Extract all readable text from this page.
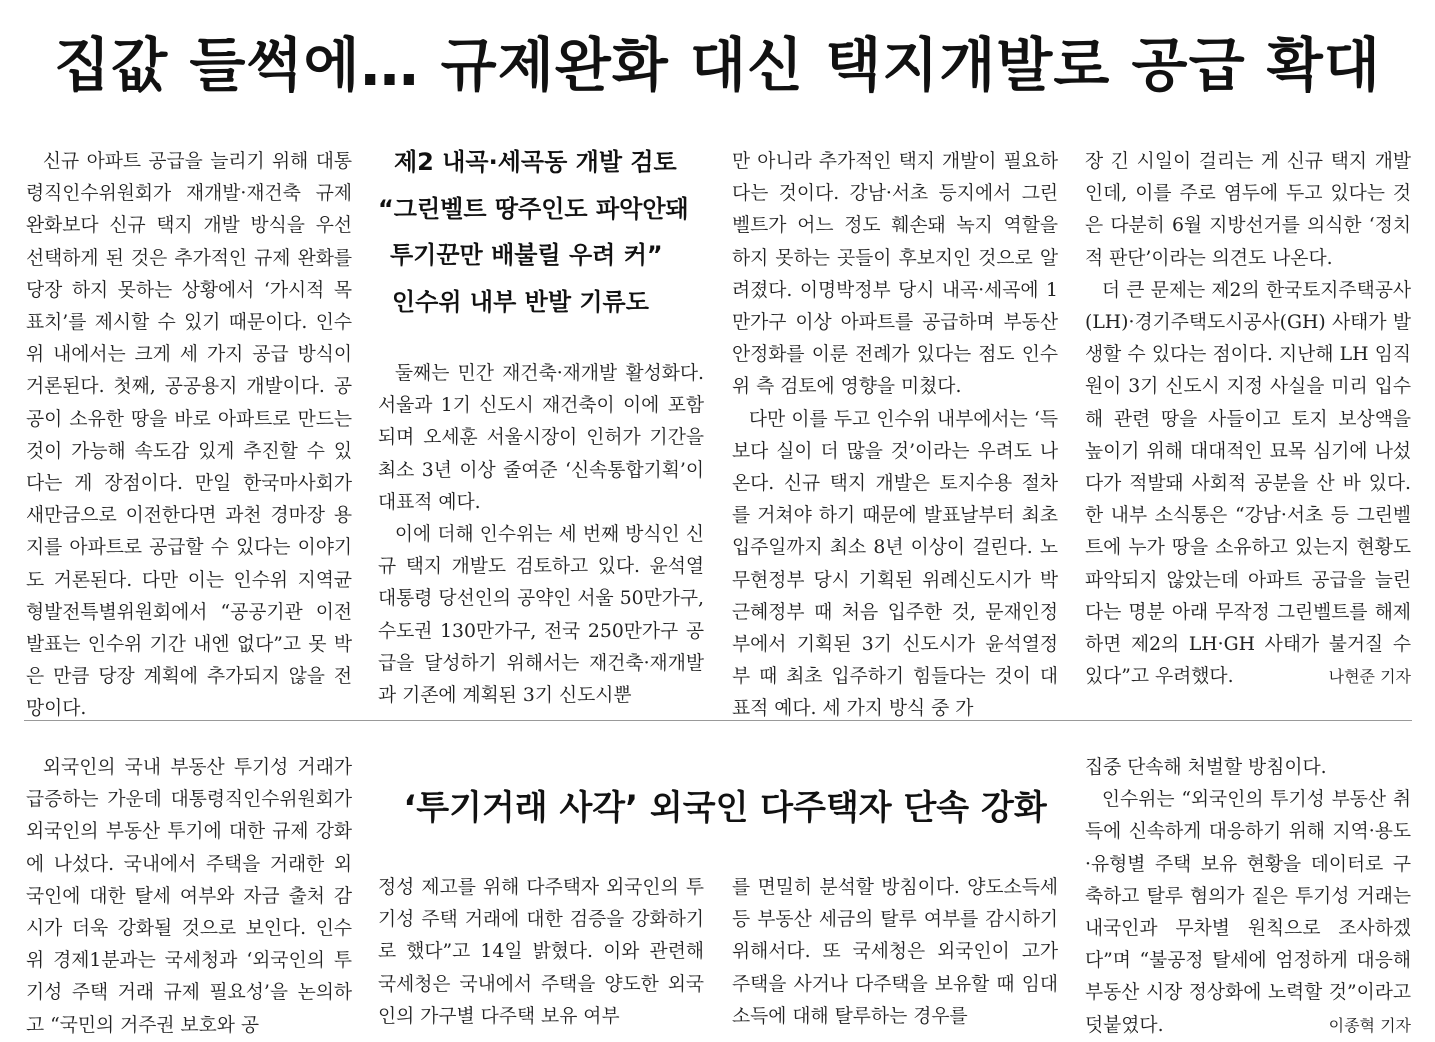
집값 들썩에… 규제완화 대신 택지개발로 공급 확대

신규 아파트 공급을 늘리기 위해 대통령직인수위원회가 재개발·재건축 규제 완화보다 신규 택지 개발 방식을 우선 선택하게 된 것은 추가적인 규제 완화를 당장 하지 못하는 상황에서 ‘가시적 목표치’를 제시할 수 있기 때문이다. 인수위 내에서는 크게 세 가지 공급 방식이 거론된다. 첫째, 공공용지 개발이다. 공공이 소유한 땅을 바로 아파트로 만드는 것이 가능해 속도감 있게 추진할 수 있다는 게 장점이다. 만일 한국마사회가 새만금으로 이전한다면 과천 경마장 용지를 아파트로 공급할 수 있다는 이야기도 거론된다. 다만 이는 인수위 지역균형발전특별위원회에서 “공공기관 이전 발표는 인수위 기간 내엔 없다”고 못 박은 만큼 당장 계획에 추가되지 않을 전망이다.

제2 내곡·세곡동 개발 검토
“그린벨트 땅주인도 파악안돼
투기꾼만 배불릴 우려 커”
인수위 내부 반발 기류도

둘째는 민간 재건축·재개발 활성화다. 서울과 1기 신도시 재건축이 이에 포함되며 오세훈 서울시장이 인허가 기간을 최소 3년 이상 줄여준 ‘신속통합기획’이 대표적 예다.

이에 더해 인수위는 세 번째 방식인 신규 택지 개발도 검토하고 있다. 윤석열 대통령 당선인의 공약인 서울 50만가구, 수도권 130만가구, 전국 250만가구 공급을 달성하기 위해서는 재건축·재개발과 기존에 계획된 3기 신도시뿐

만 아니라 추가적인 택지 개발이 필요하다는 것이다. 강남·서초 등지에서 그린벨트가 어느 정도 훼손돼 녹지 역할을 하지 못하는 곳들이 후보지인 것으로 알려졌다. 이명박정부 당시 내곡·세곡에 1만가구 이상 아파트를 공급하며 부동산 안정화를 이룬 전례가 있다는 점도 인수위 측 검토에 영향을 미쳤다.

다만 이를 두고 인수위 내부에서는 ‘득보다 실이 더 많을 것’이라는 우려도 나온다. 신규 택지 개발은 토지수용 절차를 거쳐야 하기 때문에 발표날부터 최초 입주일까지 최소 8년 이상이 걸린다. 노무현정부 당시 기획된 위례신도시가 박근혜정부 때 처음 입주한 것, 문재인정부에서 기획된 3기 신도시가 윤석열정부 때 최초 입주하기 힘들다는 것이 대표적 예다. 세 가지 방식 중 가

장 긴 시일이 걸리는 게 신규 택지 개발인데, 이를 주로 염두에 두고 있다는 것은 다분히 6월 지방선거를 의식한 ‘정치적 판단’이라는 의견도 나온다.

더 큰 문제는 제2의 한국토지주택공사(LH)·경기주택도시공사(GH) 사태가 발생할 수 있다는 점이다. 지난해 LH 임직원이 3기 신도시 지정 사실을 미리 입수해 관련 땅을 사들이고 토지 보상액을 높이기 위해 대대적인 묘목 심기에 나섰다가 적발돼 사회적 공분을 산 바 있다. 한 내부 소식통은 “강남·서초 등 그린벨트에 누가 땅을 소유하고 있는지 현황도 파악되지 않았는데 아파트 공급을 늘린다는 명분 아래 무작정 그린벨트를 해제하면 제2의 LH·GH 사태가 불거질 수 있다”고 우려했다.	나현준 기자

외국인의 국내 부동산 투기성 거래가 급증하는 가운데 대통령직인수위원회가 외국인의 부동산 투기에 대한 규제 강화에 나섰다. 국내에서 주택을 거래한 외국인에 대한 탈세 여부와 자금 출처 감시가 더욱 강화될 것으로 보인다. 인수위 경제1분과는 국세청과 ‘외국인의 투기성 주택 거래 규제 필요성’을 논의하고 “국민의 거주권 보호와 공

‘투기거래 사각’ 외국인 다주택자 단속 강화

정성 제고를 위해 다주택자 외국인의 투기성 주택 거래에 대한 검증을 강화하기로 했다”고 14일 밝혔다. 이와 관련해 국세청은 국내에서 주택을 양도한 외국인의 가구별 다주택 보유 여부

를 면밀히 분석할 방침이다. 양도소득세 등 부동산 세금의 탈루 여부를 감시하기 위해서다. 또 국세청은 외국인이 고가 주택을 사거나 다주택을 보유할 때 임대소득에 대해 탈루하는 경우를

집중 단속해 처벌할 방침이다.

인수위는 “외국인의 투기성 부동산 취득에 신속하게 대응하기 위해 지역·용도·유형별 주택 보유 현황을 데이터로 구축하고 탈루 혐의가 짙은 투기성 거래는 내국인과 무차별 원칙으로 조사하겠다”며 “불공정 탈세에 엄정하게 대응해 부동산 시장 정상화에 노력할 것”이라고 덧붙였다.	이종혁 기자
